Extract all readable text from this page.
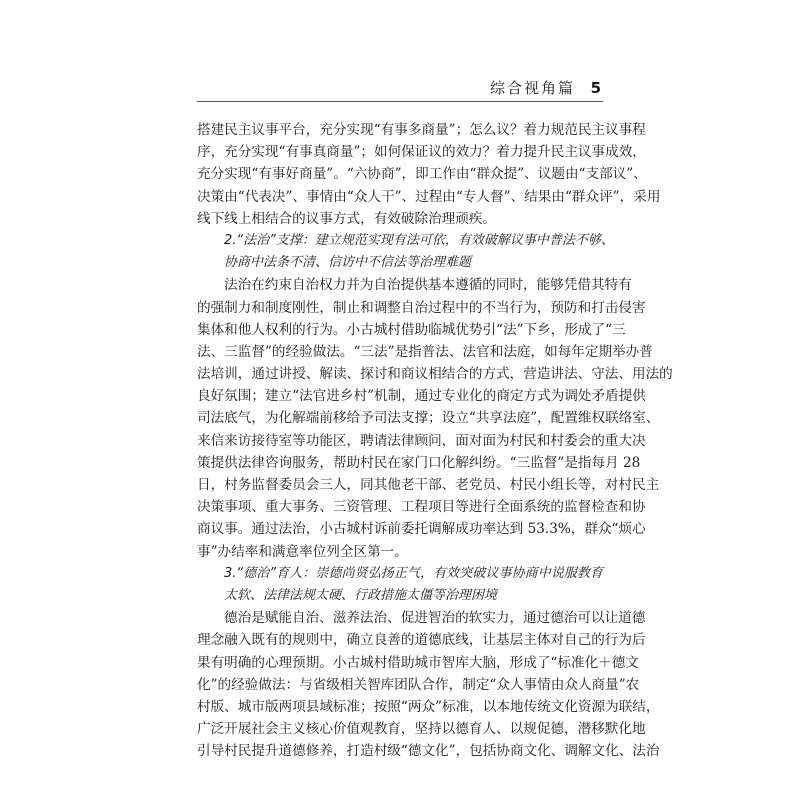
综合视角篇 5
搭建民主议事平台，充分实现“有事多商量”；怎么议？着力规范民主议事程
序，充分实现“有事真商量”；如何保证议的效力？着力提升民主议事成效，
充分实现“有事好商量”。“六协商”，即工作由“群众提”、议题由“支部议”、
决策由“代表决”、事情由“众人干”、过程由“专人督”、结果由“群众评”，采用
线下线上相结合的议事方式，有效破除治理顽疾。
2.“法治”支撑：建立规范实现有法可依，有效破解议事中普法不够、
协商中法条不清、信访中不信法等治理难题
法治在约束自治权力并为自治提供基本遵循的同时，能够凭借其特有
的强制力和制度刚性，制止和调整自治过程中的不当行为，预防和打击侵害
集体和他人权利的行为。小古城村借助临城优势引“法”下乡，形成了“三
法、三监督”的经验做法。“三法”是指普法、法官和法庭，如每年定期举办普
法培训，通过讲授、解读、探讨和商议相结合的方式，营造讲法、守法、用法的
良好氛围；建立“法官进乡村”机制，通过专业化的商定方式为调处矛盾提供
司法底气，为化解端前移给予司法支撑；设立“共享法庭”，配置维权联络室、
来信来访接待室等功能区，聘请法律顾问，面对面为村民和村委会的重大决
策提供法律咨询服务，帮助村民在家门口化解纠纷。“三监督”是指每月 28
日，村务监督委员会三人，同其他老干部、老党员、村民小组长等，对村民主
决策事项、重大事务、三资管理、工程项目等进行全面系统的监督检查和协
商议事。通过法治，小古城村诉前委托调解成功率达到 53.3%，群众“烦心
事”办结率和满意率位列全区第一。
3.“德治”育人：崇德尚贤弘扬正气，有效突破议事协商中说服教育
太软、法律法规太硬、行政措施太僵等治理困境
德治是赋能自治、滋养法治、促进智治的软实力，通过德治可以让道德
理念融入既有的规则中，确立良善的道德底线，让基层主体对自己的行为后
果有明确的心理预期。小古城村借助城市智库大脑，形成了“标准化＋德文
化”的经验做法：与省级相关智库团队合作，制定“众人事情由众人商量”农
村版、城市版两项县域标准；按照“两众”标准，以本地传统文化资源为联结，
广泛开展社会主义核心价值观教育，坚持以德育人、以规促德，潜移默化地
引导村民提升道德修养，打造村级“德文化”，包括协商文化、调解文化、法治
